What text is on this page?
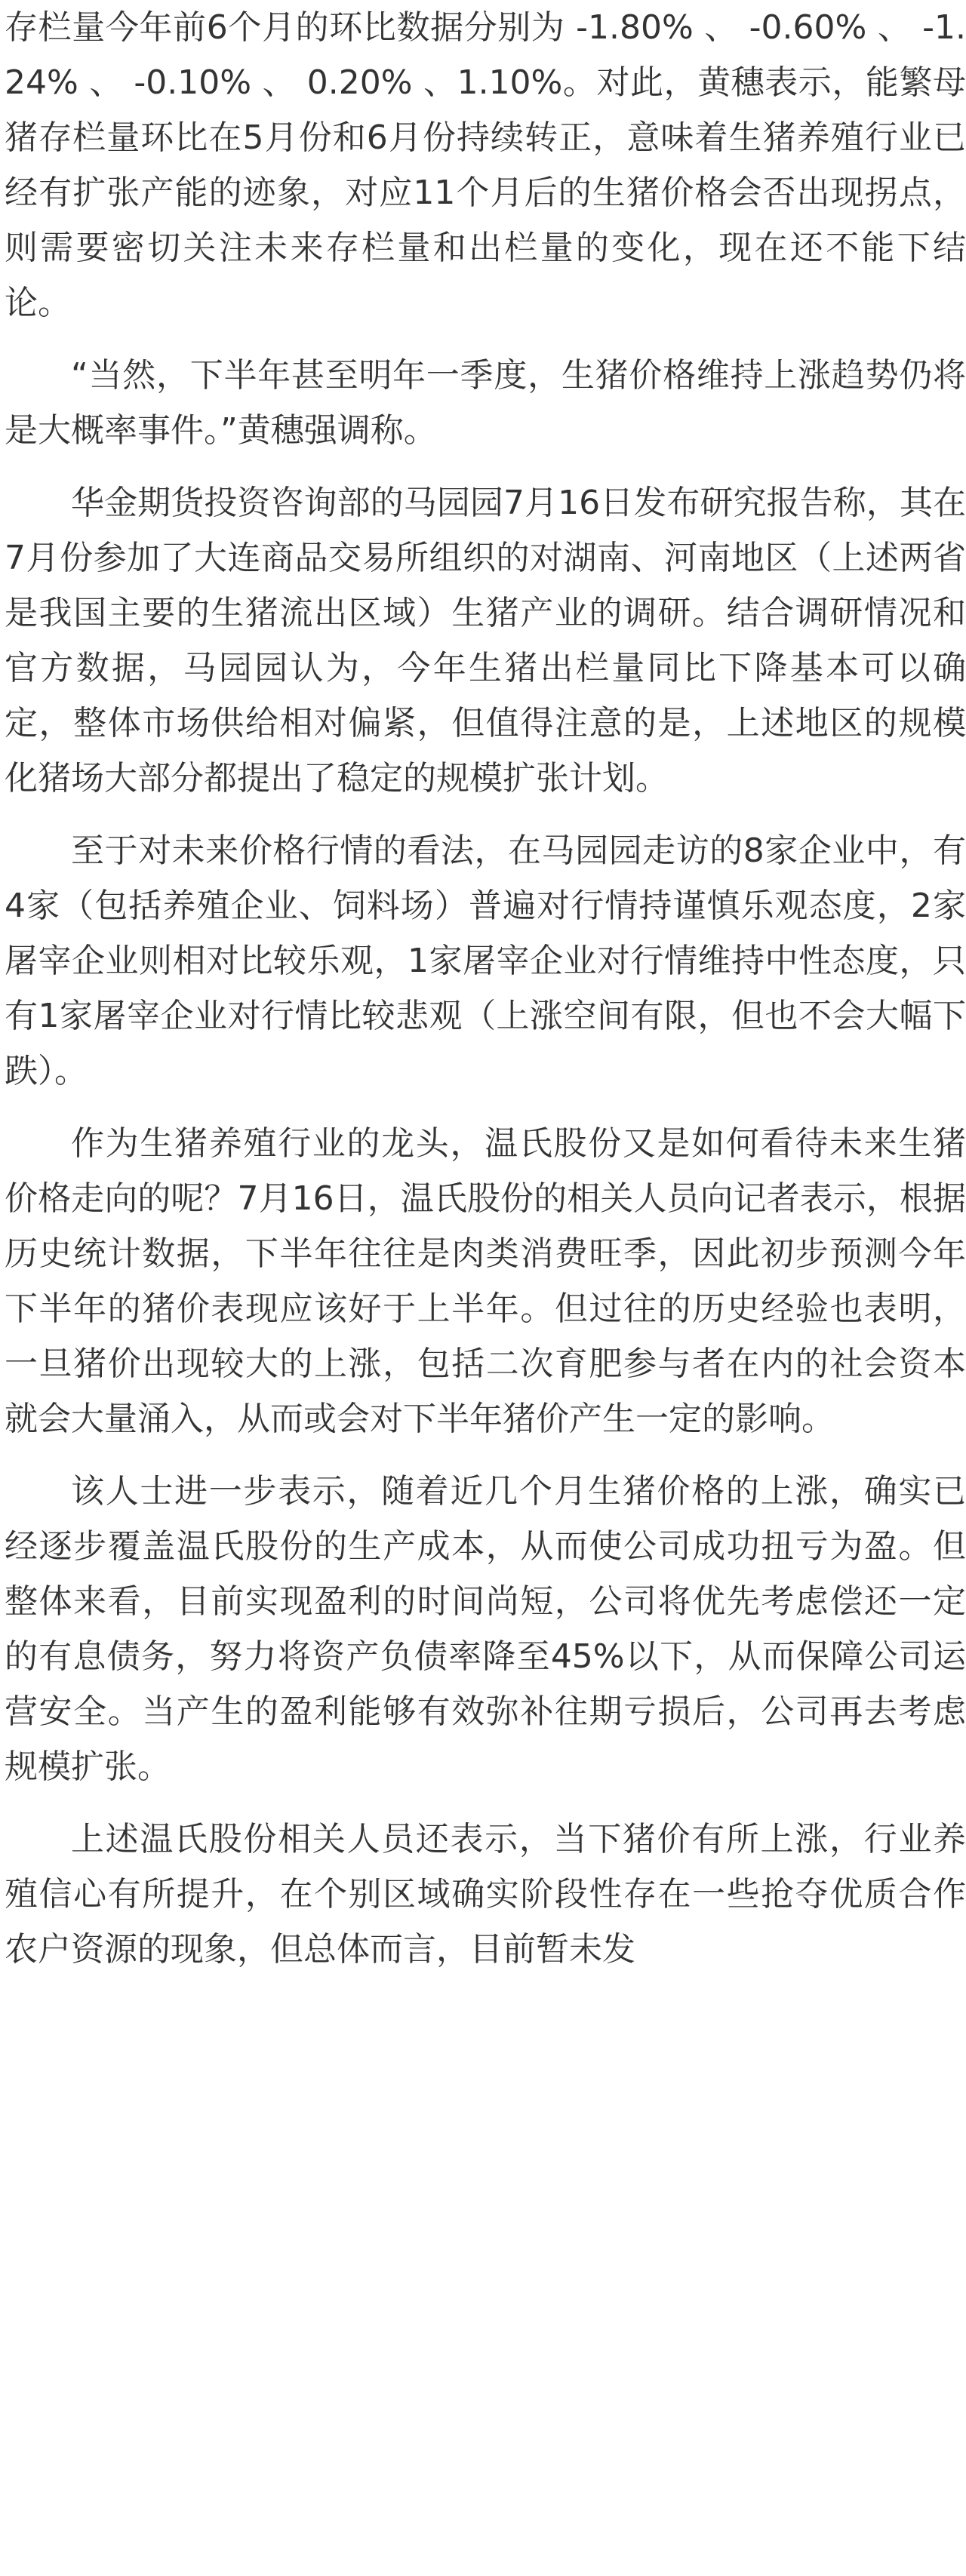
存栏量今年前6个月的环比数据分别为 -1.80% 、 -0.60% 、 -1.24% 、 -0.10% 、 0.20% 、1.10%。对此，黄穗表示，能繁母猪存栏量环比在5月份和6月份持续转正，意味着生猪养殖行业已经有扩张产能的迹象，对应11个月后的生猪价格会否出现拐点，则需要密切关注未来存栏量和出栏量的变化，现在还不能下结论。

“当然，下半年甚至明年一季度，生猪价格维持上涨趋势仍将是大概率事件。”黄穗强调称。

华金期货投资咨询部的马园园7月16日发布研究报告称，其在7月份参加了大连商品交易所组织的对湖南、河南地区（上述两省是我国主要的生猪流出区域）生猪产业的调研。结合调研情况和官方数据，马园园认为，今年生猪出栏量同比下降基本可以确定，整体市场供给相对偏紧，但值得注意的是，上述地区的规模化猪场大部分都提出了稳定的规模扩张计划。

至于对未来价格行情的看法，在马园园走访的8家企业中，有4家（包括养殖企业、饲料场）普遍对行情持谨慎乐观态度，2家屠宰企业则相对比较乐观，1家屠宰企业对行情维持中性态度，只有1家屠宰企业对行情比较悲观（上涨空间有限，但也不会大幅下跌）。

作为生猪养殖行业的龙头，温氏股份又是如何看待未来生猪价格走向的呢？7月16日，温氏股份的相关人员向记者表示，根据历史统计数据，下半年往往是肉类消费旺季，因此初步预测今年下半年的猪价表现应该好于上半年。但过往的历史经验也表明，一旦猪价出现较大的上涨，包括二次育肥参与者在内的社会资本就会大量涌入，从而或会对下半年猪价产生一定的影响。

该人士进一步表示，随着近几个月生猪价格的上涨，确实已经逐步覆盖温氏股份的生产成本，从而使公司成功扭亏为盈。但整体来看，目前实现盈利的时间尚短，公司将优先考虑偿还一定的有息债务，努力将资产负债率降至45%以下，从而保障公司运营安全。当产生的盈利能够有效弥补往期亏损后，公司再去考虑规模扩张。

上述温氏股份相关人员还表示，当下猪价有所上涨，行业养殖信心有所提升，在个别区域确实阶段性存在一些抢夺优质合作农户资源的现象，但总体而言，目前暂未发
